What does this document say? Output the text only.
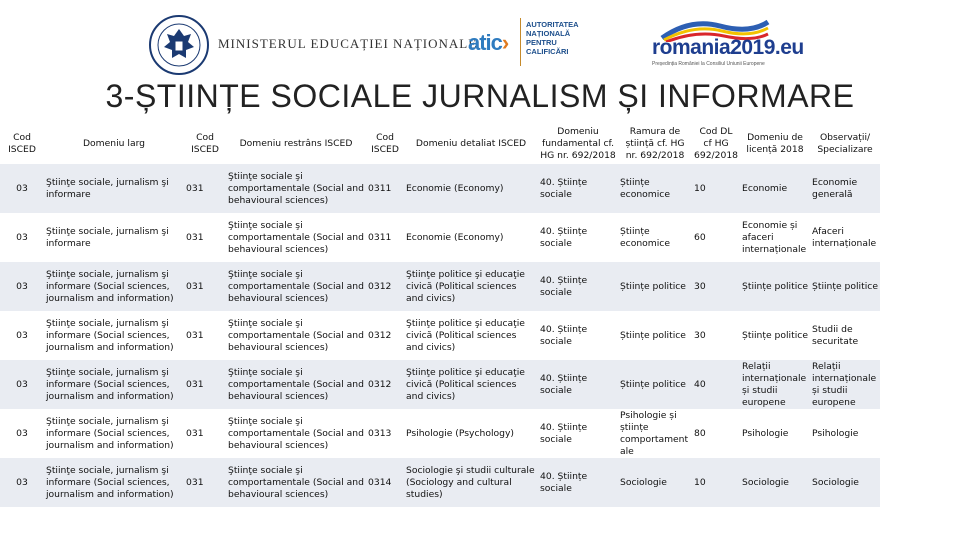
MINISTERUL EDUCAȚIEI NAȚIONALE
atic›
AUTORITATEA
NAȚIONALĂ
PENTRU
CALIFICĂRI	romania2019.eu
Președinția României la Consiliul Uniunii Europene
3-ȘTIINȚE SOCIALE JURNALISM ȘI INFORMARE
Cod ISCED	Domeniu larg	Cod ISCED	Domeniu restrâns ISCED	Cod ISCED	Domeniu detaliat ISCED	Domeniu fundamental cf. HG nr. 692/2018	Ramura de știință cf. HG nr. 692/2018	Cod DL cf HG 692/2018	Domeniu de licență 2018	Observații/ Specializare
03	Ştiinţe sociale, jurnalism şi informare	031	Ştiinţe sociale şi comportamentale (Social and behavioural sciences)	0311	Economie (Economy)	40. Științe sociale	Științe economice	10	Economie	Economie generală
03	Ştiinţe sociale, jurnalism şi informare	031	Ştiinţe sociale şi comportamentale (Social and behavioural sciences)	0311	Economie (Economy)	40. Științe sociale	Științe economice	60	Economie și afaceri internaționale	Afaceri internaționale
03	Ştiinţe sociale, jurnalism şi informare (Social sciences, journalism and information)	031	Ştiinţe sociale şi comportamentale (Social and behavioural sciences)	0312	Ştiinţe politice şi educaţie civică (Political sciences and civics)	40. Științe sociale	Științe politice	30	Științe politice	Științe politice
03	Ştiinţe sociale, jurnalism şi informare (Social sciences, journalism and information)	031	Ştiinţe sociale şi comportamentale (Social and behavioural sciences)	0312	Ştiinţe politice şi educaţie civică (Political sciences and civics)	40. Științe sociale	Științe politice	30	Științe politice	Studii de securitate
03	Ştiinţe sociale, jurnalism şi informare (Social sciences, journalism and information)	031	Ştiinţe sociale şi comportamentale (Social and behavioural sciences)	0312	Ştiinţe politice şi educaţie civică (Political sciences and civics)	40. Științe sociale	Științe politice	40	Relații internaționale și studii europene	Relații internaționale și studii europene
03	Ştiinţe sociale, jurnalism şi informare (Social sciences, journalism and information)	031	Ştiinţe sociale şi comportamentale (Social and behavioural sciences)	0313	Psihologie (Psychology)	40. Științe sociale	Psihologie și științe comportament ale	80	Psihologie	Psihologie
03	Ştiinţe sociale, jurnalism şi informare (Social sciences, journalism and information)	031	Ştiinţe sociale şi comportamentale (Social and behavioural sciences)	0314	Sociologie şi studii culturale (Sociology and cultural studies)	40. Științe sociale	Sociologie	10	Sociologie	Sociologie
